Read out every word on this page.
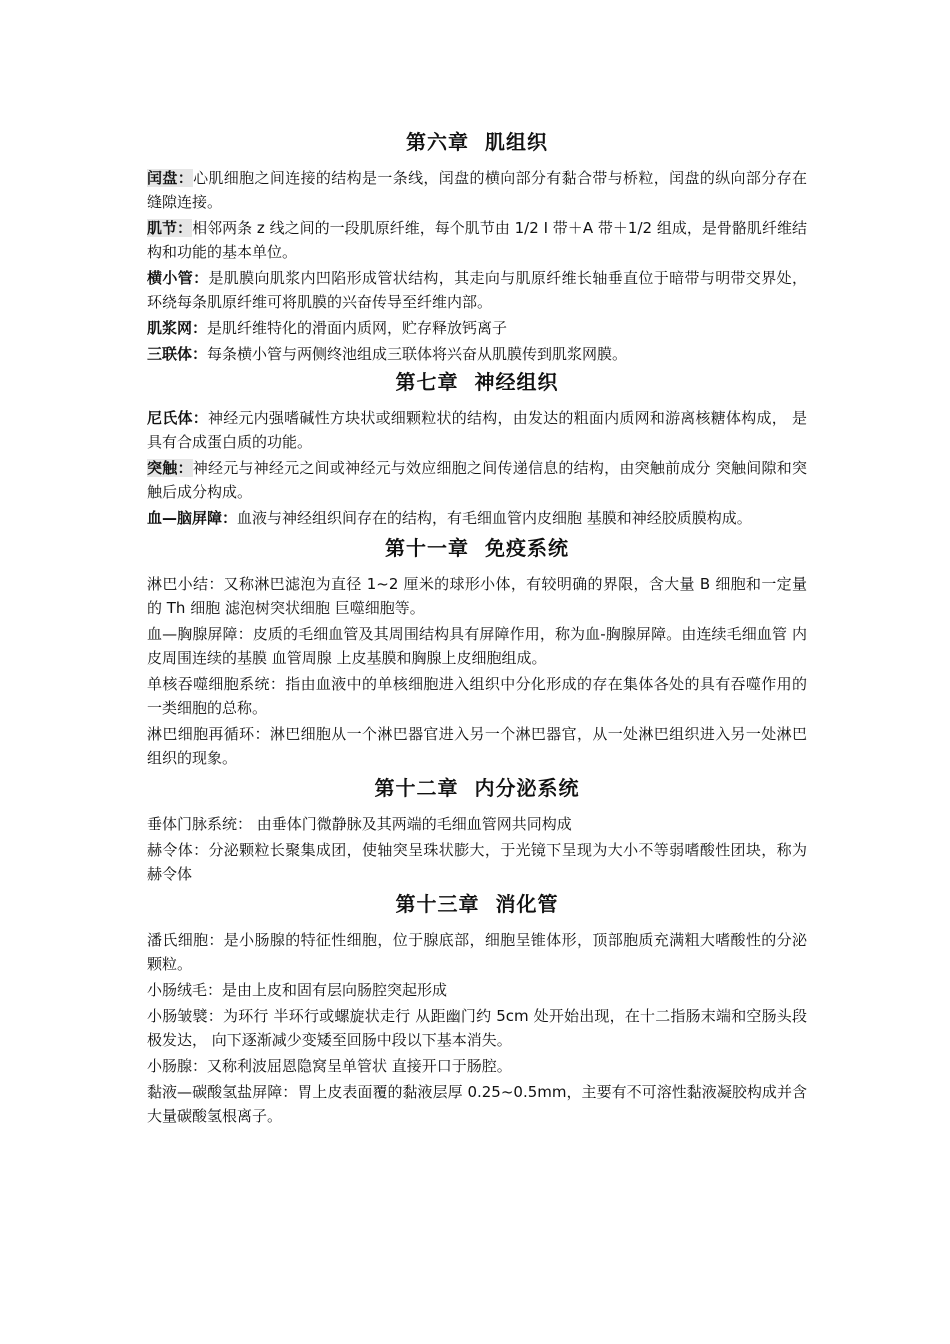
第六章  肌组织

闰盘：心肌细胞之间连接的结构是一条线，闰盘的横向部分有黏合带与桥粒，闰盘的纵向部分存在缝隙连接。

肌节：相邻两条 z 线之间的一段肌原纤维，每个肌节由 1/2 I 带＋A 带＋1/2 组成，是骨骼肌纤维结构和功能的基本单位。

横小管：是肌膜向肌浆内凹陷形成管状结构，其走向与肌原纤维长轴垂直位于暗带与明带交界处，环绕每条肌原纤维可将肌膜的兴奋传导至纤维内部。

肌浆网：是肌纤维特化的滑面内质网，贮存释放钙离子

三联体：每条横小管与两侧终池组成三联体将兴奋从肌膜传到肌浆网膜。

第七章  神经组织

尼氏体：神经元内强嗜碱性方块状或细颗粒状的结构，由发达的粗面内质网和游离核糖体构成， 是具有合成蛋白质的功能。

突触：神经元与神经元之间或神经元与效应细胞之间传递信息的结构，由突触前成分 突触间隙和突触后成分构成。

血—脑屏障：血液与神经组织间存在的结构，有毛细血管内皮细胞 基膜和神经胶质膜构成。

第十一章  免疫系统

淋巴小结：又称淋巴滤泡为直径 1~2 厘米的球形小体，有较明确的界限，含大量 B 细胞和一定量的 Th 细胞 滤泡树突状细胞 巨噬细胞等。

血—胸腺屏障：皮质的毛细血管及其周围结构具有屏障作用，称为血-胸腺屏障。由连续毛细血管 内皮周围连续的基膜 血管周腺 上皮基膜和胸腺上皮细胞组成。

单核吞噬细胞系统：指由血液中的单核细胞进入组织中分化形成的存在集体各处的具有吞噬作用的一类细胞的总称。

淋巴细胞再循环：淋巴细胞从一个淋巴器官进入另一个淋巴器官，从一处淋巴组织进入另一处淋巴组织的现象。

第十二章  内分泌系统

垂体门脉系统： 由垂体门微静脉及其两端的毛细血管网共同构成

赫令体：分泌颗粒长聚集成团，使轴突呈珠状膨大，于光镜下呈现为大小不等弱嗜酸性团块，称为赫令体

第十三章  消化管

潘氏细胞：是小肠腺的特征性细胞，位于腺底部，细胞呈锥体形，顶部胞质充满粗大嗜酸性的分泌颗粒。

小肠绒毛：是由上皮和固有层向肠腔突起形成

小肠皱襞：为环行 半环行或螺旋状走行 从距幽门约 5cm 处开始出现，在十二指肠末端和空肠头段极发达， 向下逐渐减少变矮至回肠中段以下基本消失。

小肠腺：又称利波屈恩隐窝呈单管状 直接开口于肠腔。

黏液—碳酸氢盐屏障：胃上皮表面覆的黏液层厚 0.25~0.5mm，主要有不可溶性黏液凝胶构成并含大量碳酸氢根离子。
